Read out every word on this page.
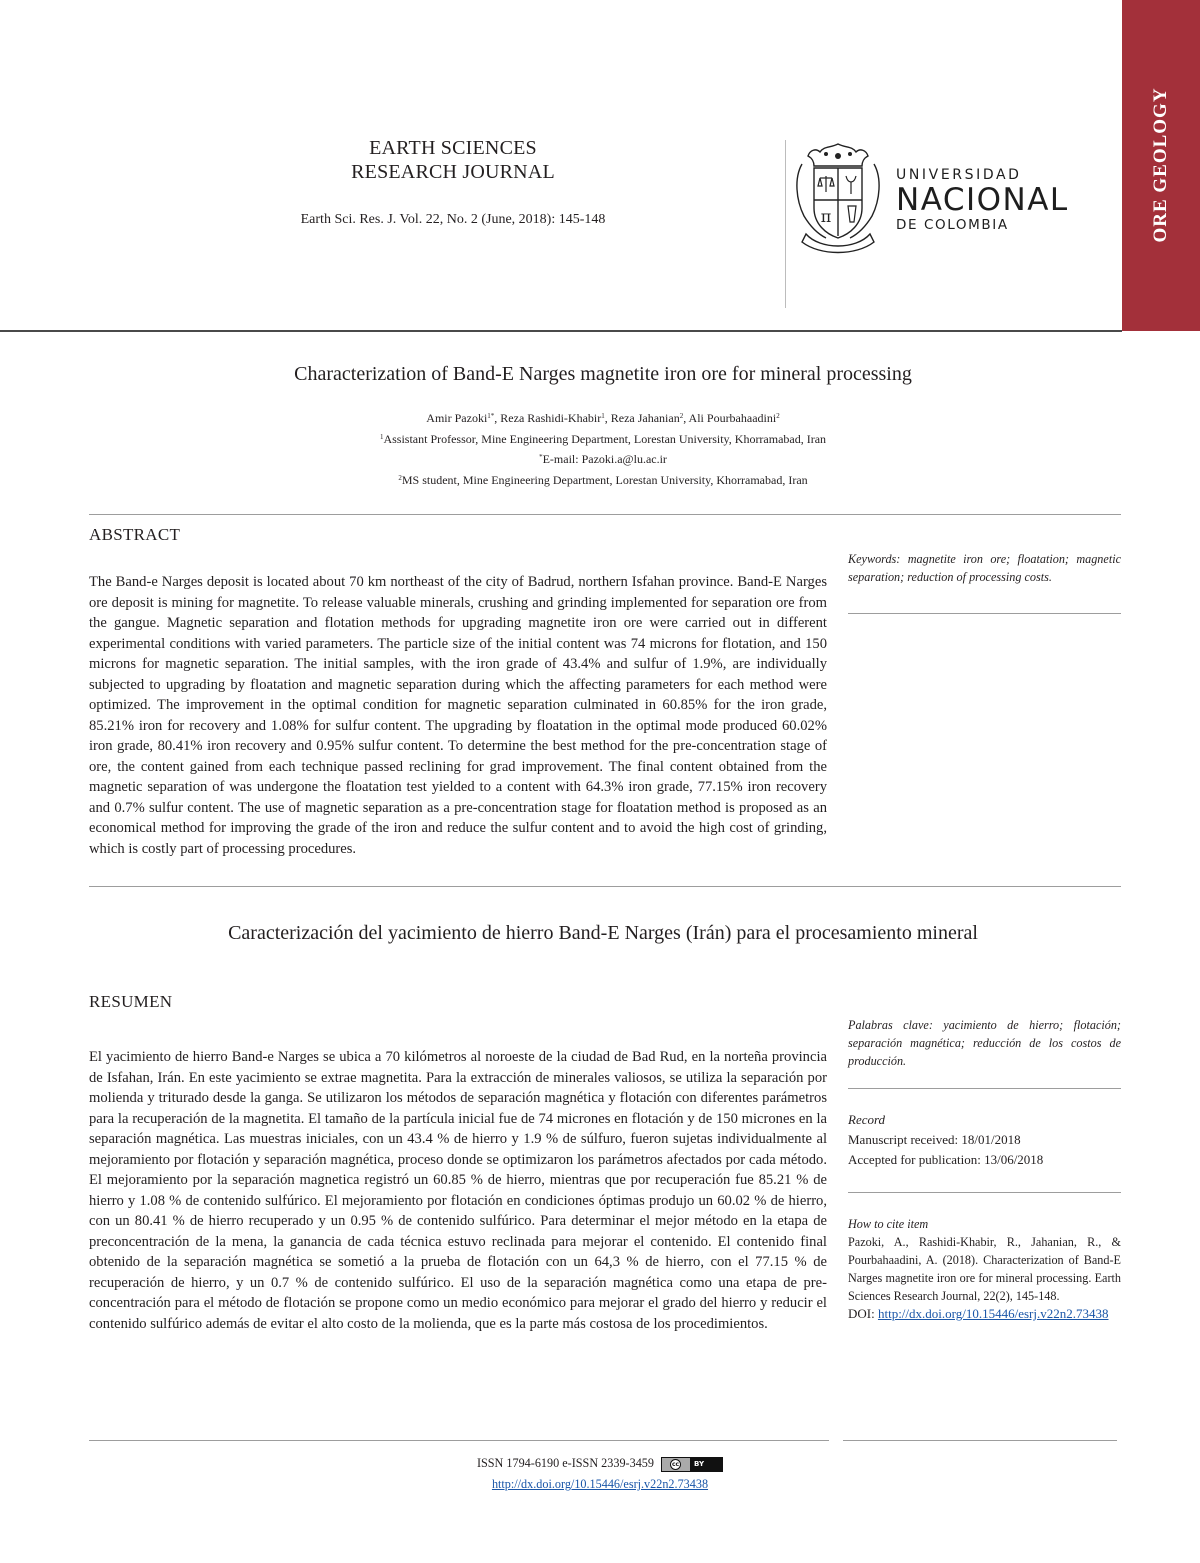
EARTH SCIENCES
RESEARCH JOURNAL
Earth Sci. Res. J. Vol. 22, No. 2 (June, 2018): 145-148	π
UNIVERSIDAD
NACIONAL
DE COLOMBIA	ORE GEOLOGY
Characterization of Band-E Narges magnetite iron ore for mineral processing
Amir Pazoki$^{1*}$, Reza Rashidi-Khabir$^1$, Reza Jahanian$^2$, Ali Pourbahaadini$^2$
$^1$Assistant Professor, Mine Engineering Department, Lorestan University, Khorramabad, Iran
*E-mail: Pazoki.a@lu.ac.ir
$^2$MS student, Mine Engineering Department, Lorestan University, Khorramabad, Iran
ABSTRACT
Keywords: magnetite iron ore; floatation; magnetic separation; reduction of processing costs.
The Band-e Narges deposit is located about 70 km northeast of the city of Badrud, northern Isfahan province. Band-E Narges ore deposit is mining for magnetite. To release valuable minerals, crushing and grinding implemented for separation ore from the gangue. Magnetic separation and flotation methods for upgrading magnetite iron ore were carried out in different experimental conditions with varied parameters. The particle size of the initial content was 74 microns for flotation, and 150 microns for magnetic separation. The initial samples, with the iron grade of 43.4% and sulfur of 1.9%, are individually subjected to upgrading by floatation and magnetic separation during which the affecting parameters for each method were optimized. The improvement in the optimal condition for magnetic separation culminated in 60.85% for the iron grade, 85.21% iron for recovery and 1.08% for sulfur content. The upgrading by floatation in the optimal mode produced 60.02% iron grade, 80.41% iron recovery and 0.95% sulfur content. To determine the best method for the pre-concentration stage of ore, the content gained from each technique passed reclining for grad improvement. The final content obtained from the magnetic separation of was undergone the floatation test yielded to a content with 64.3% iron grade, 77.15% iron recovery and 0.7% sulfur content. The use of magnetic separation as a pre-concentration stage for floatation method is proposed as an economical method for improving the grade of the iron and reduce the sulfur content and to avoid the high cost of grinding, which is costly part of processing procedures.
Caracterización del yacimiento de hierro Band-E Narges (Irán) para el procesamiento mineral
RESUMEN
Palabras clave: yacimiento de hierro; flotación; separación magnética; reducción de los costos de producción.
El yacimiento de hierro Band-e Narges se ubica a 70 kilómetros al noroeste de la ciudad de Bad Rud, en la norteña provincia de Isfahan, Irán. En este yacimiento se extrae magnetita. Para la extracción de minerales valiosos, se utiliza la separación por molienda y triturado desde la ganga. Se utilizaron los métodos de separación magnética y flotación con diferentes parámetros para la recuperación de la magnetita. El tamaño de la partícula inicial fue de 74 micrones en flotación y de 150 micrones en la separación magnética. Las muestras iniciales, con un 43.4 % de hierro y 1.9 % de súlfuro, fueron sujetas individualmente al mejoramiento por flotación y separación magnética, proceso donde se optimizaron los parámetros afectados por cada método. El mejoramiento por la separación magnetica registró un 60.85 % de hierro, mientras que por recuperación fue 85.21 % de hierro y 1.08 % de contenido sulfúrico. El mejoramiento por flotación en condiciones óptimas produjo un 60.02 % de hierro, con un 80.41 % de hierro recuperado y un 0.95 % de contenido sulfúrico. Para determinar el mejor método en la etapa de preconcentración de la mena, la ganancia de cada técnica estuvo reclinada para mejorar el contenido. El contenido final obtenido de la separación magnética se sometió a la prueba de flotación con un 64,3 % de hierro, con el 77.15 % de recuperación de hierro, y un 0.7 % de contenido sulfúrico. El uso de la separación magnética como una etapa de pre-concentración para el método de flotación se propone como un medio económico para mejorar el grado del hierro y reducir el contenido sulfúrico además de evitar el alto costo de la molienda, que es la parte más costosa de los procedimientos.
Record
Manuscript received: 18/01/2018
Accepted for publication: 13/06/2018
How to cite item
Pazoki, A., Rashidi-Khabir, R., Jahanian, R., & Pourbahaadini, A. (2018). Characterization of Band-E Narges magnetite iron ore for mineral processing. Earth Sciences Research Journal, 22(2), 145-148.
DOI: http://dx.doi.org/10.15446/esrj.v22n2.73438
ISSN 1794-6190 e-ISSN 2339-3459	cc BY
http://dx.doi.org/10.15446/esrj.v22n2.73438
